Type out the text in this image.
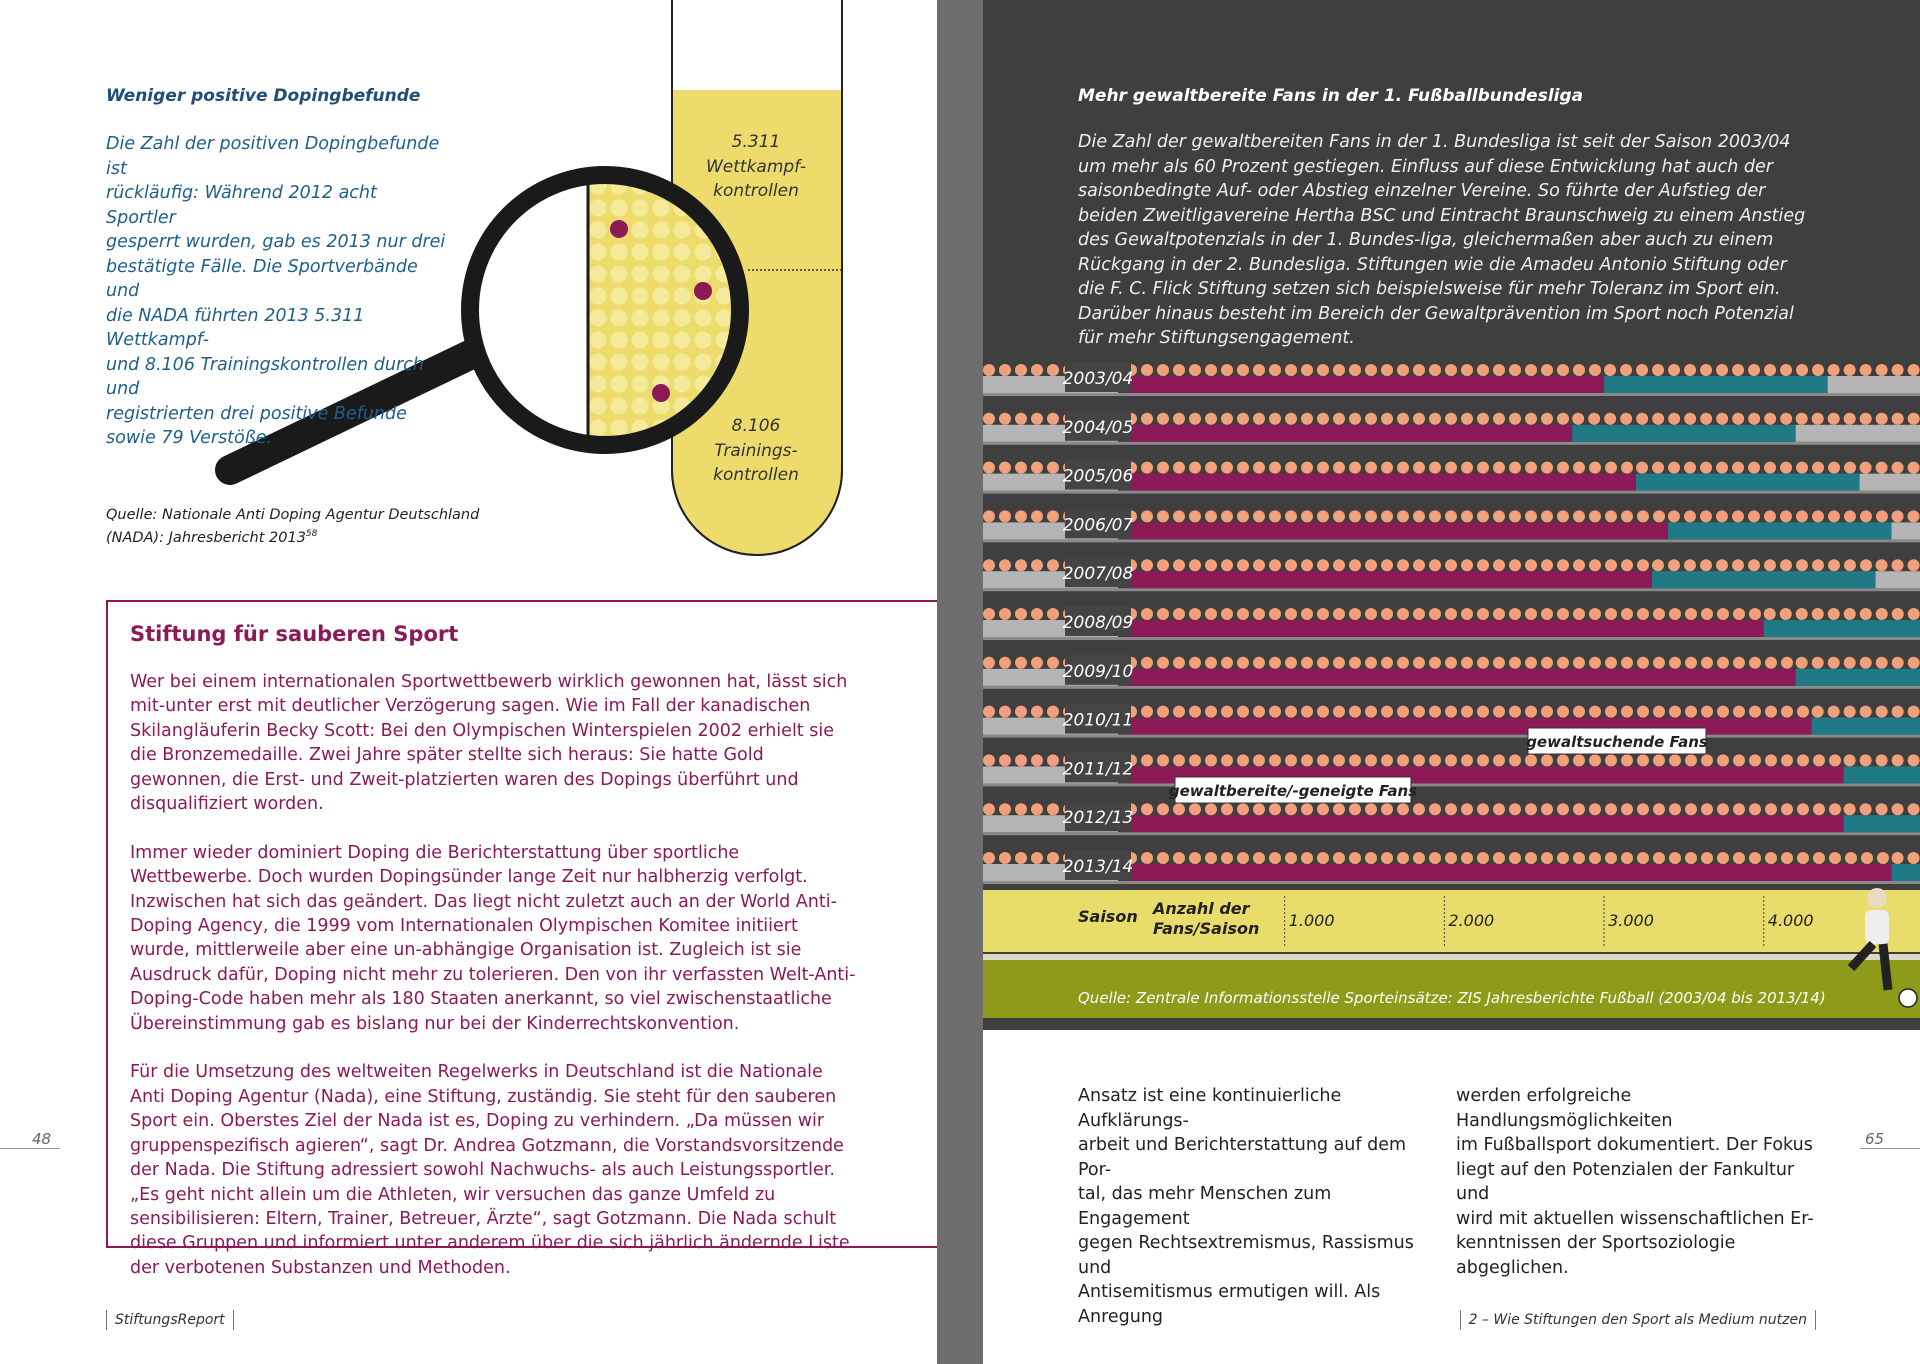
Weniger positive Dopingbefunde
Die Zahl der positiven Dopingbefunde ist
rückläufig: Während 2012 acht Sportler
gesperrt wurden, gab es 2013 nur drei
bestätigte Fälle. Die Sportverbände und
die NADA führten 2013 5.311 Wettkampf-
und 8.106 Trainingskontrollen durch und
registrierten drei positive Befunde
sowie 79 Verstöße.
5.311
Wettkampf-
kontrollen
8.106
Trainings-
kontrollen
Quelle: Nationale Anti Doping Agentur Deutschland (NADA): Jahresbericht 2013$^{58}$
Stiftung für sauberen Sport

Wer bei einem internationalen Sportwettbewerb wirklich gewonnen hat, lässt sich mit-unter erst mit deutlicher Verzögerung sagen. Wie im Fall der kanadischen Skilangläuferin Becky Scott: Bei den Olympischen Winterspielen 2002 erhielt sie die Bronzemedaille. Zwei Jahre später stellte sich heraus: Sie hatte Gold gewonnen, die Erst- und Zweit-platzierten waren des Dopings überführt und disqualifiziert worden.

Immer wieder dominiert Doping die Berichterstattung über sportliche Wettbewerbe. Doch wurden Dopingsünder lange Zeit nur halbherzig verfolgt. Inzwischen hat sich das geändert. Das liegt nicht zuletzt auch an der World Anti-Doping Agency, die 1999 vom Internationalen Olympischen Komitee initiiert wurde, mittlerweile aber eine un-abhängige Organisation ist. Zugleich ist sie Ausdruck dafür, Doping nicht mehr zu tolerieren. Den von ihr verfassten Welt-Anti-Doping-Code haben mehr als 180 Staaten anerkannt, so viel zwischenstaatliche Übereinstimmung gab es bislang nur bei der Kinderrechtskonvention.

Für die Umsetzung des weltweiten Regelwerks in Deutschland ist die Nationale Anti Doping Agentur (Nada), eine Stiftung, zuständig. Sie steht für den sauberen Sport ein. Oberstes Ziel der Nada ist es, Doping zu verhindern. „Da müssen wir gruppenspezifisch agieren“, sagt Dr. Andrea Gotzmann, die Vorstandsvorsitzende der Nada. Die Stiftung adressiert sowohl Nachwuchs- als auch Leistungssportler. „Es geht nicht allein um die Athleten, wir versuchen das ganze Umfeld zu sensibilisieren: Eltern, Trainer, Betreuer, Ärzte“, sagt Gotzmann. Die Nada schult diese Gruppen und informiert unter anderem über die sich jährlich ändernde Liste der verbotenen Substanzen und Methoden.

48
StiftungsReport
Mehr gewaltbereite Fans in der 1. Fußballbundesliga
Die Zahl der gewaltbereiten Fans in der 1. Bundesliga ist seit der Saison 2003/04 um mehr als 60 Prozent gestiegen. Einfluss auf diese Entwicklung hat auch der saisonbedingte Auf- oder Abstieg einzelner Vereine. So führte der Aufstieg der beiden Zweitligavereine Hertha BSC und Eintracht Braunschweig zu einem Anstieg des Gewaltpotenzials in der 1. Bundes-liga, gleichermaßen aber auch zu einem Rückgang in der 2. Bundesliga. Stiftungen wie die Amadeu Antonio Stiftung oder die F. C. Flick Stiftung setzen sich beispielsweise für mehr Toleranz im Sport ein. Darüber hinaus besteht im Bereich der Gewaltprävention im Sport noch Potenzial für mehr Stiftungsengagement.
2003/04
2004/05
2005/06
2006/07
2007/08
2008/09
2009/10
2010/11
2011/12
2012/13
2013/14
gewaltsuchende Fans
gewaltbereite/-geneigte Fans
Saison Anzahl der Fans/Saison 1.000	2.000	3.000	4.000
Quelle: Zentrale Informationsstelle Sporteinsätze: ZIS Jahresberichte Fußball (2003/04 bis 2013/14)
Ansatz ist eine kontinuierliche Aufklärungs-
arbeit und Berichterstattung auf dem Por-
tal, das mehr Menschen zum Engagement
gegen Rechtsextremismus, Rassismus und
Antisemitismus ermutigen will. Als Anregung
werden erfolgreiche Handlungsmöglichkeiten
im Fußballsport dokumentiert. Der Fokus
liegt auf den Potenzialen der Fankultur und
wird mit aktuellen wissenschaftlichen Er-
kenntnissen der Sportsoziologie abgeglichen.
65
2 – Wie Stiftungen den Sport als Medium nutzen
